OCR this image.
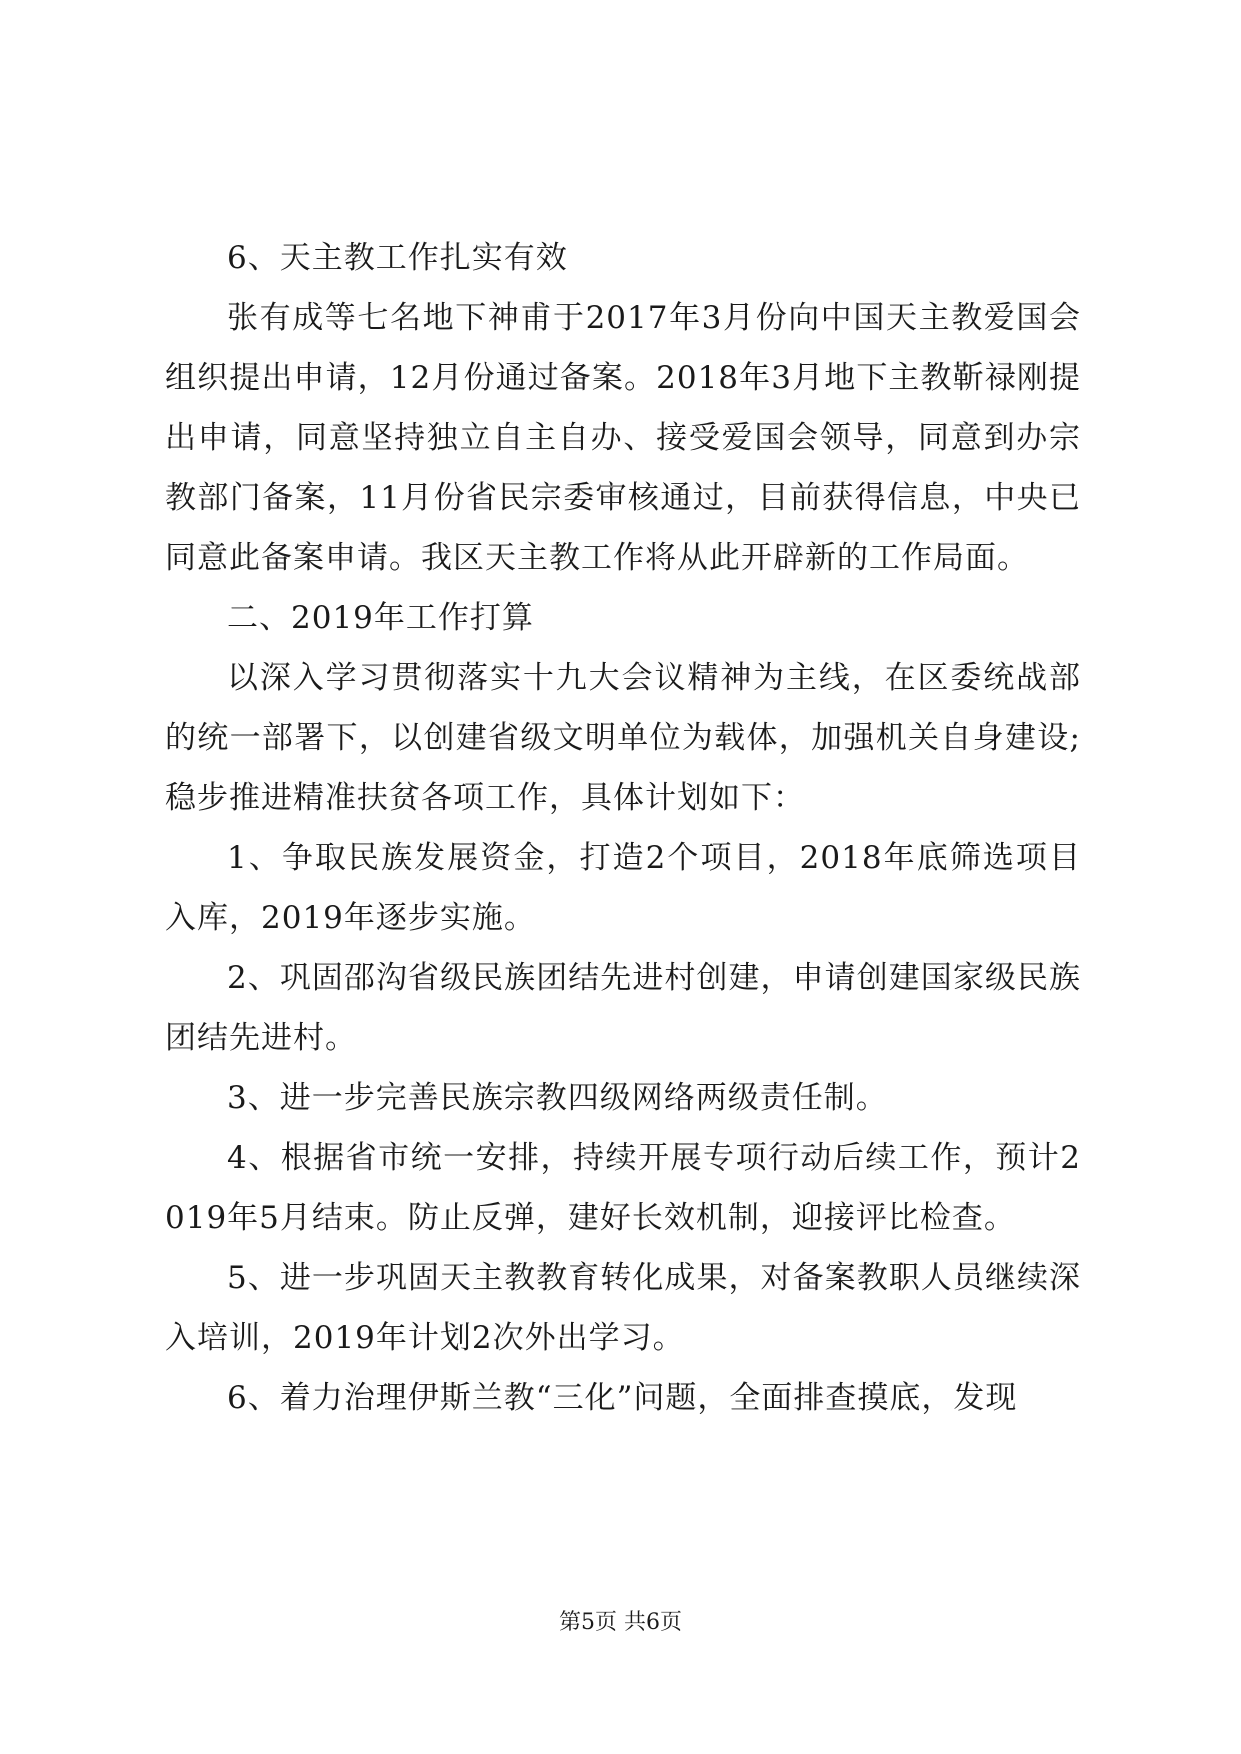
6、天主教工作扎实有效

张有成等七名地下神甫于2017年3月份向中国天主教爱国会组织提出申请，12月份通过备案。2018年3月地下主教靳禄刚提出申请，同意坚持独立自主自办、接受爱国会领导，同意到办宗教部门备案，11月份省民宗委审核通过，目前获得信息，中央已同意此备案申请。我区天主教工作将从此开辟新的工作局面。

二、2019年工作打算

以深入学习贯彻落实十九大会议精神为主线，在区委统战部的统一部署下，以创建省级文明单位为载体，加强机关自身建设;稳步推进精准扶贫各项工作，具体计划如下：

1、争取民族发展资金，打造2个项目，2018年底筛选项目入库，2019年逐步实施。

2、巩固邵沟省级民族团结先进村创建，申请创建国家级民族团结先进村。

3、进一步完善民族宗教四级网络两级责任制。

4、根据省市统一安排，持续开展专项行动后续工作，预计2019年5月结束。防止反弹，建好长效机制，迎接评比检查。

5、进一步巩固天主教教育转化成果，对备案教职人员继续深入培训，2019年计划2次外出学习。

6、着力治理伊斯兰教“三化”问题，全面排查摸底，发现

第5页 共6页
